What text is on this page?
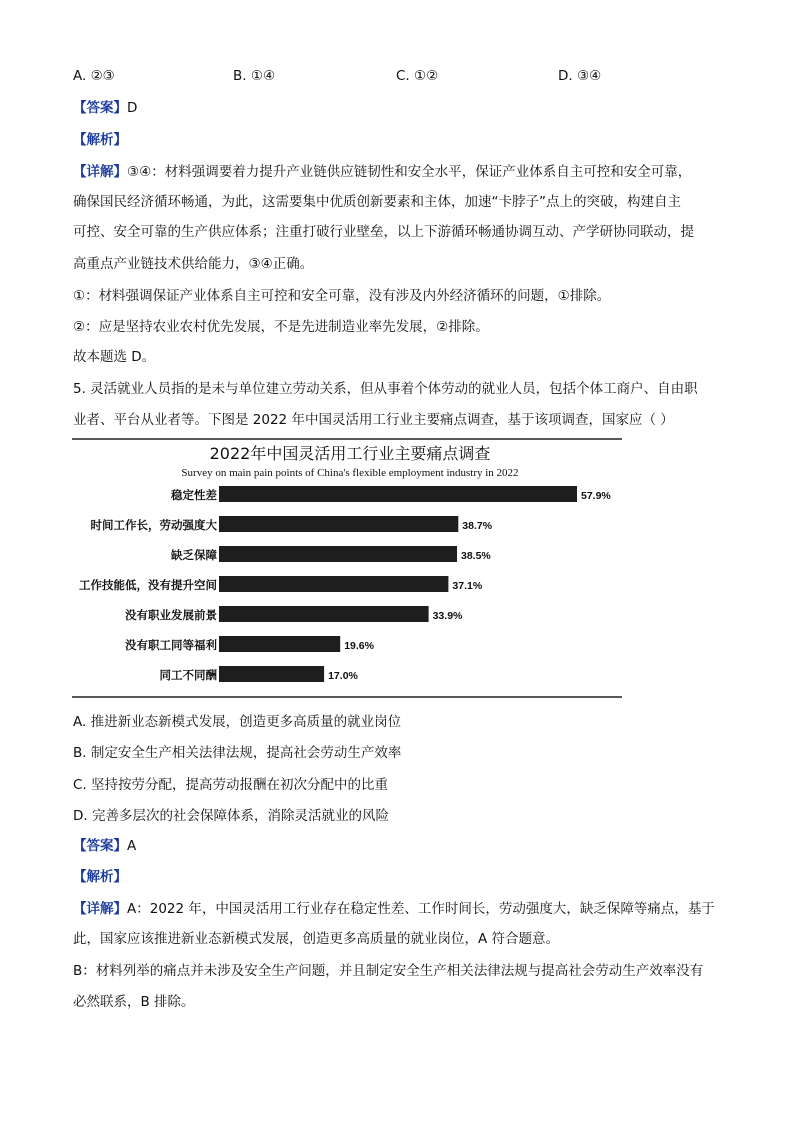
A. ②③	B. ①④	C. ①②	D. ③④
【答案】D
【解析】
【详解】③④：材料强调要着力提升产业链供应链韧性和安全水平，保证产业体系自主可控和安全可靠，
确保国民经济循环畅通，为此，这需要集中优质创新要素和主体，加速“卡脖子”点上的突破，构建自主
可控、安全可靠的生产供应体系；注重打破行业壁垒，以上下游循环畅通协调互动、产学研协同联动，提
高重点产业链技术供给能力，③④正确。
①：材料强调保证产业体系自主可控和安全可靠，没有涉及内外经济循环的问题，①排除。
②：应是坚持农业农村优先发展，不是先进制造业率先发展，②排除。
故本题选 D。
5. 灵活就业人员指的是未与单位建立劳动关系，但从事着个体劳动的就业人员，包括个体工商户、自由职
业者、平台从业者等。下图是 2022 年中国灵活用工行业主要痛点调查，基于该项调查，国家应（ ）
2022年中国灵活用工行业主要痛点调查
Survey on main pain points of China's flexible employment industry in 2022
稳定性差	57.9%
时间工作长，劳动强度大	38.7%
缺乏保障	38.5%
工作技能低，没有提升空间	37.1%
没有职业发展前景	33.9%
没有职工同等福利	19.6%
同工不同酬	17.0%
A. 推进新业态新模式发展，创造更多高质量的就业岗位
B. 制定安全生产相关法律法规，提高社会劳动生产效率
C. 坚持按劳分配，提高劳动报酬在初次分配中的比重
D. 完善多层次的社会保障体系，消除灵活就业的风险
【答案】A
【解析】
【详解】A：2022 年，中国灵活用工行业存在稳定性差、工作时间长，劳动强度大，缺乏保障等痛点，基于
此，国家应该推进新业态新模式发展，创造更多高质量的就业岗位，A 符合题意。
B：材料列举的痛点并未涉及安全生产问题，并且制定安全生产相关法律法规与提高社会劳动生产效率没有
必然联系，B 排除。
